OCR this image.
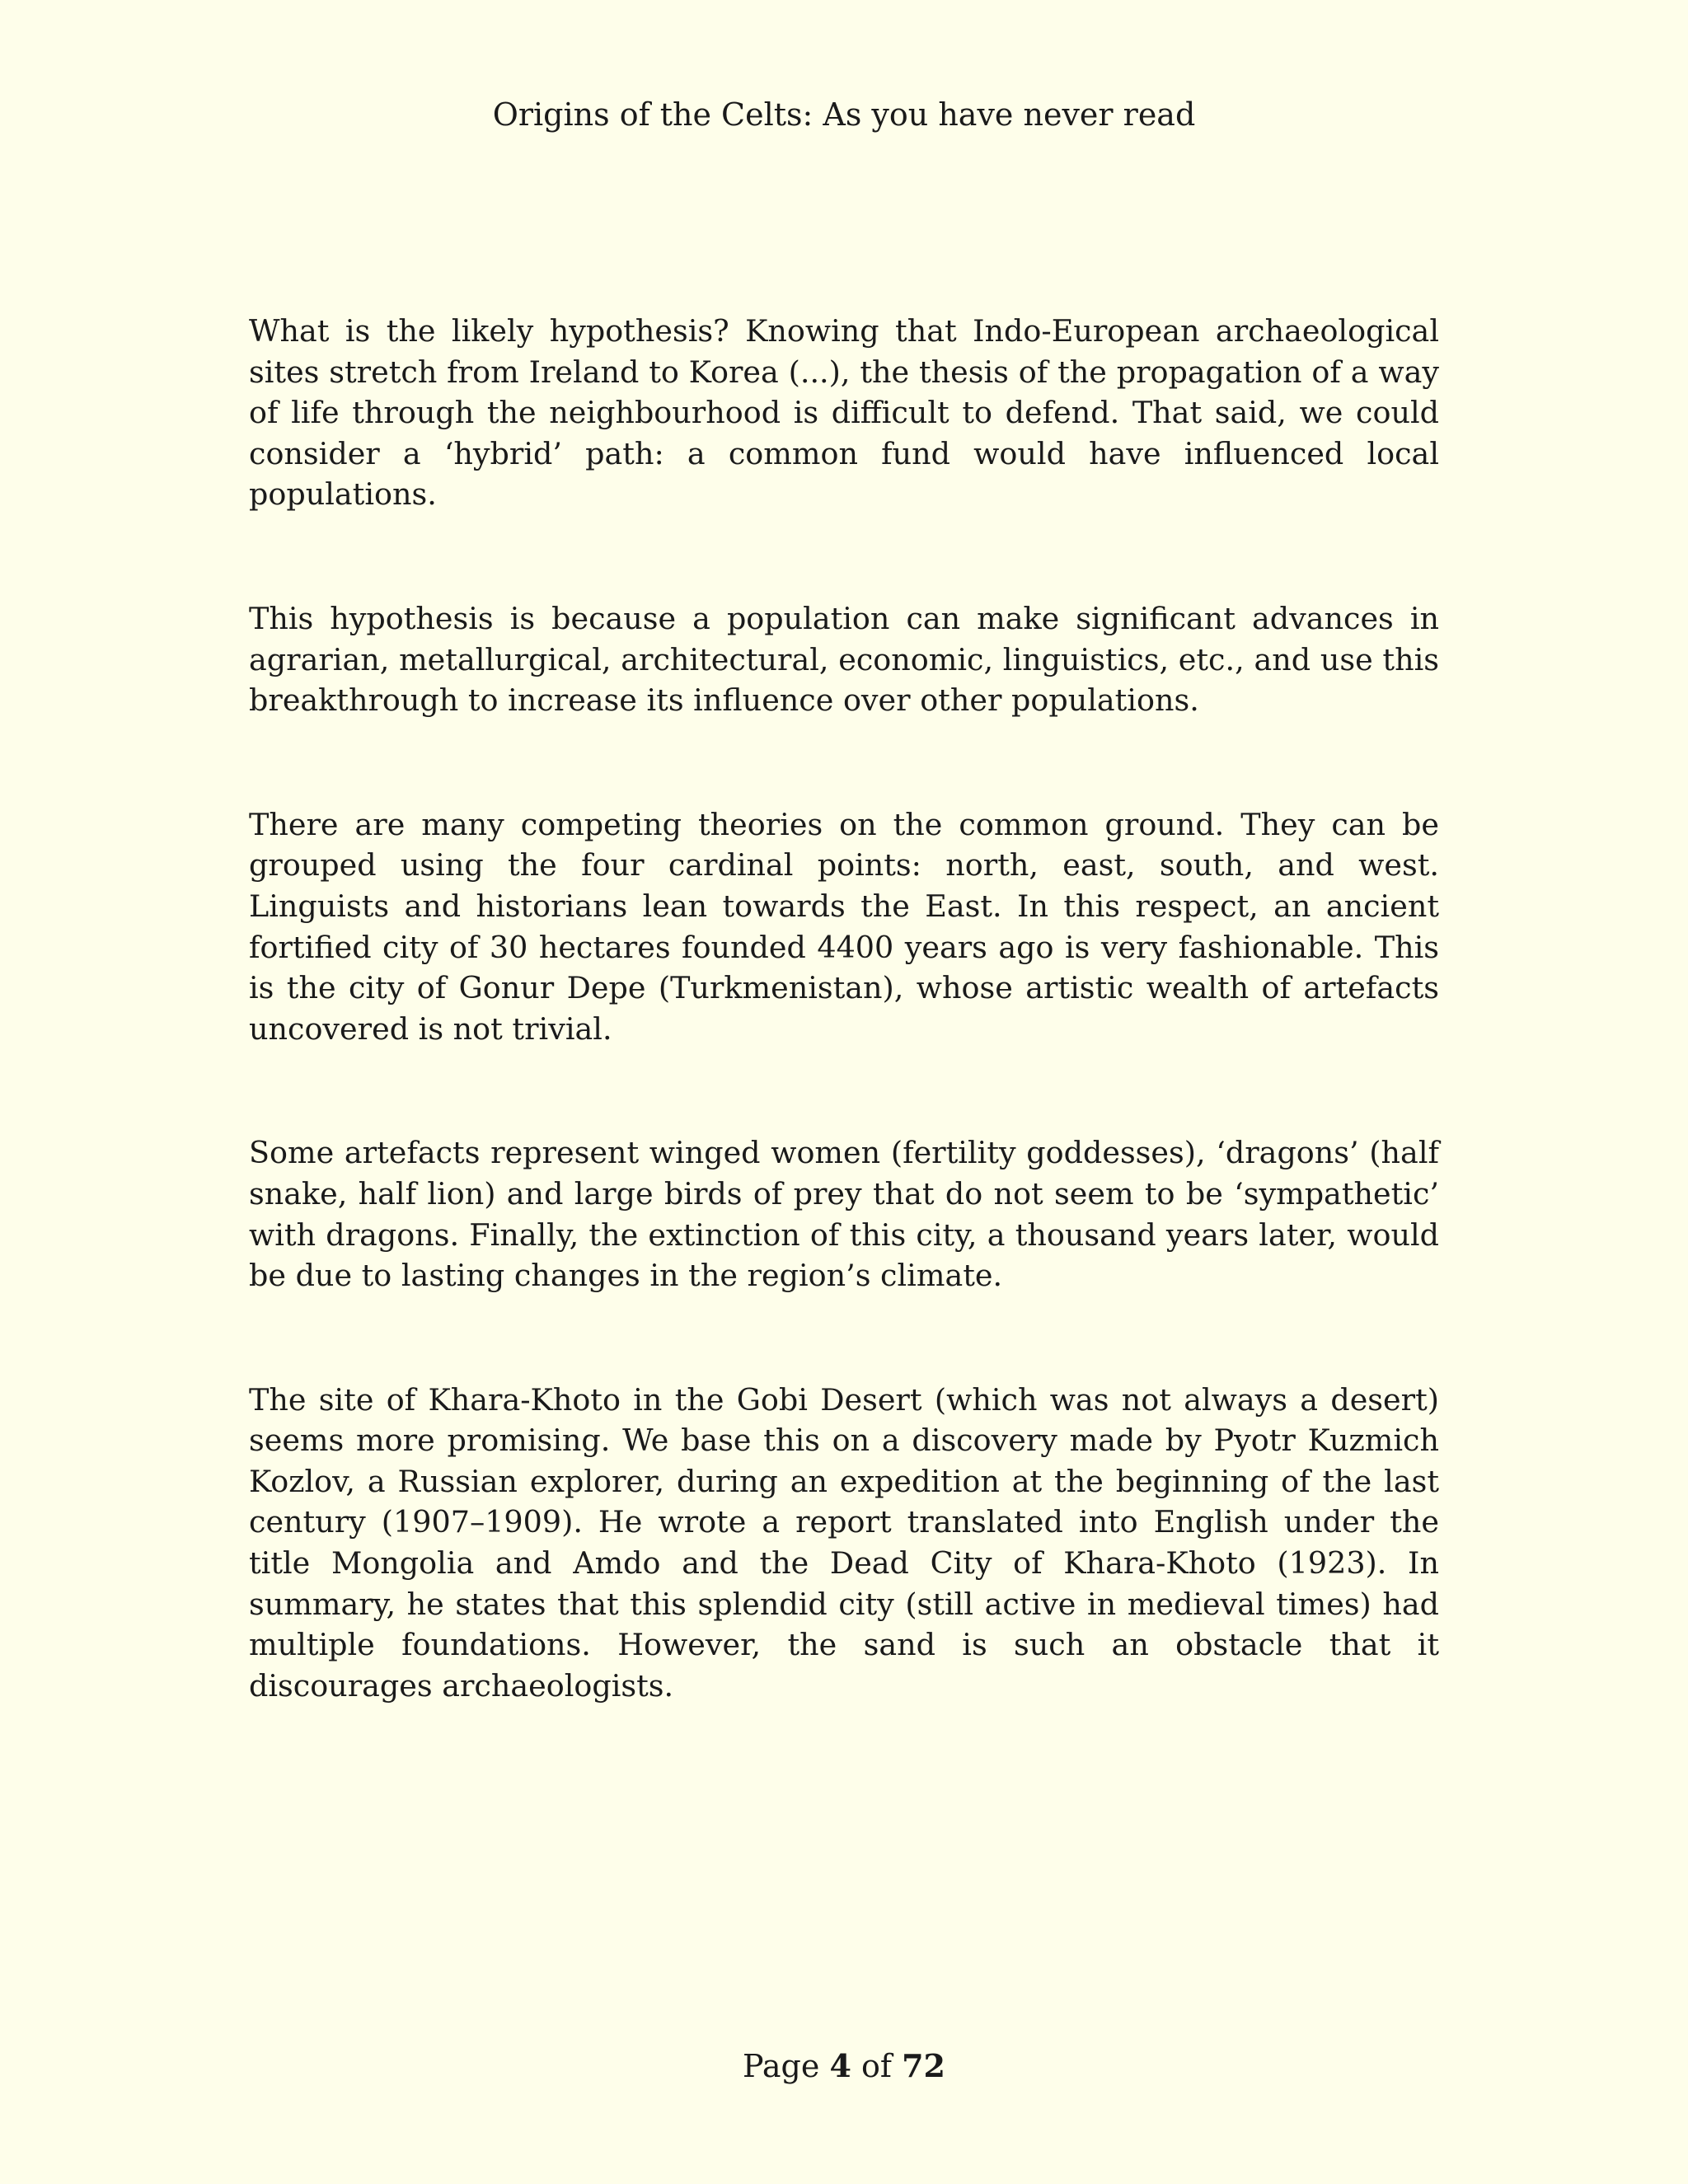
Origins of the Celts: As you have never read

What is the likely hypothesis? Knowing that Indo-European archaeological sites stretch from Ireland to Korea (...), the thesis of the propagation of a way of life through the neighbourhood is difficult to defend. That said, we could consider a ‘hybrid’ path: a common fund would have influenced local populations.

This hypothesis is because a population can make significant advances in agrarian, metallurgical, architectural, economic, linguistics, etc., and use this breakthrough to increase its influence over other populations.

There are many competing theories on the common ground. They can be grouped using the four cardinal points: north, east, south, and west. Linguists and historians lean towards the East. In this respect, an ancient fortified city of 30 hectares founded 4400 years ago is very fashionable. This is the city of Gonur Depe (Turkmenistan), whose artistic wealth of artefacts uncovered is not trivial.

Some artefacts represent winged women (fertility goddesses), ‘dragons’ (half snake, half lion) and large birds of prey that do not seem to be ‘sympathetic’ with dragons. Finally, the extinction of this city, a thousand years later, would be due to lasting changes in the region’s climate.

The site of Khara-Khoto in the Gobi Desert (which was not always a desert) seems more promising. We base this on a discovery made by Pyotr Kuzmich Kozlov, a Russian explorer, during an expedition at the beginning of the last century (1907–1909). He wrote a report translated into English under the title Mongolia and Amdo and the Dead City of Khara-Khoto (1923). In summary, he states that this splendid city (still active in medieval times) had multiple foundations. However, the sand is such an obstacle that it discourages archaeologists.

Page 4 of 72
